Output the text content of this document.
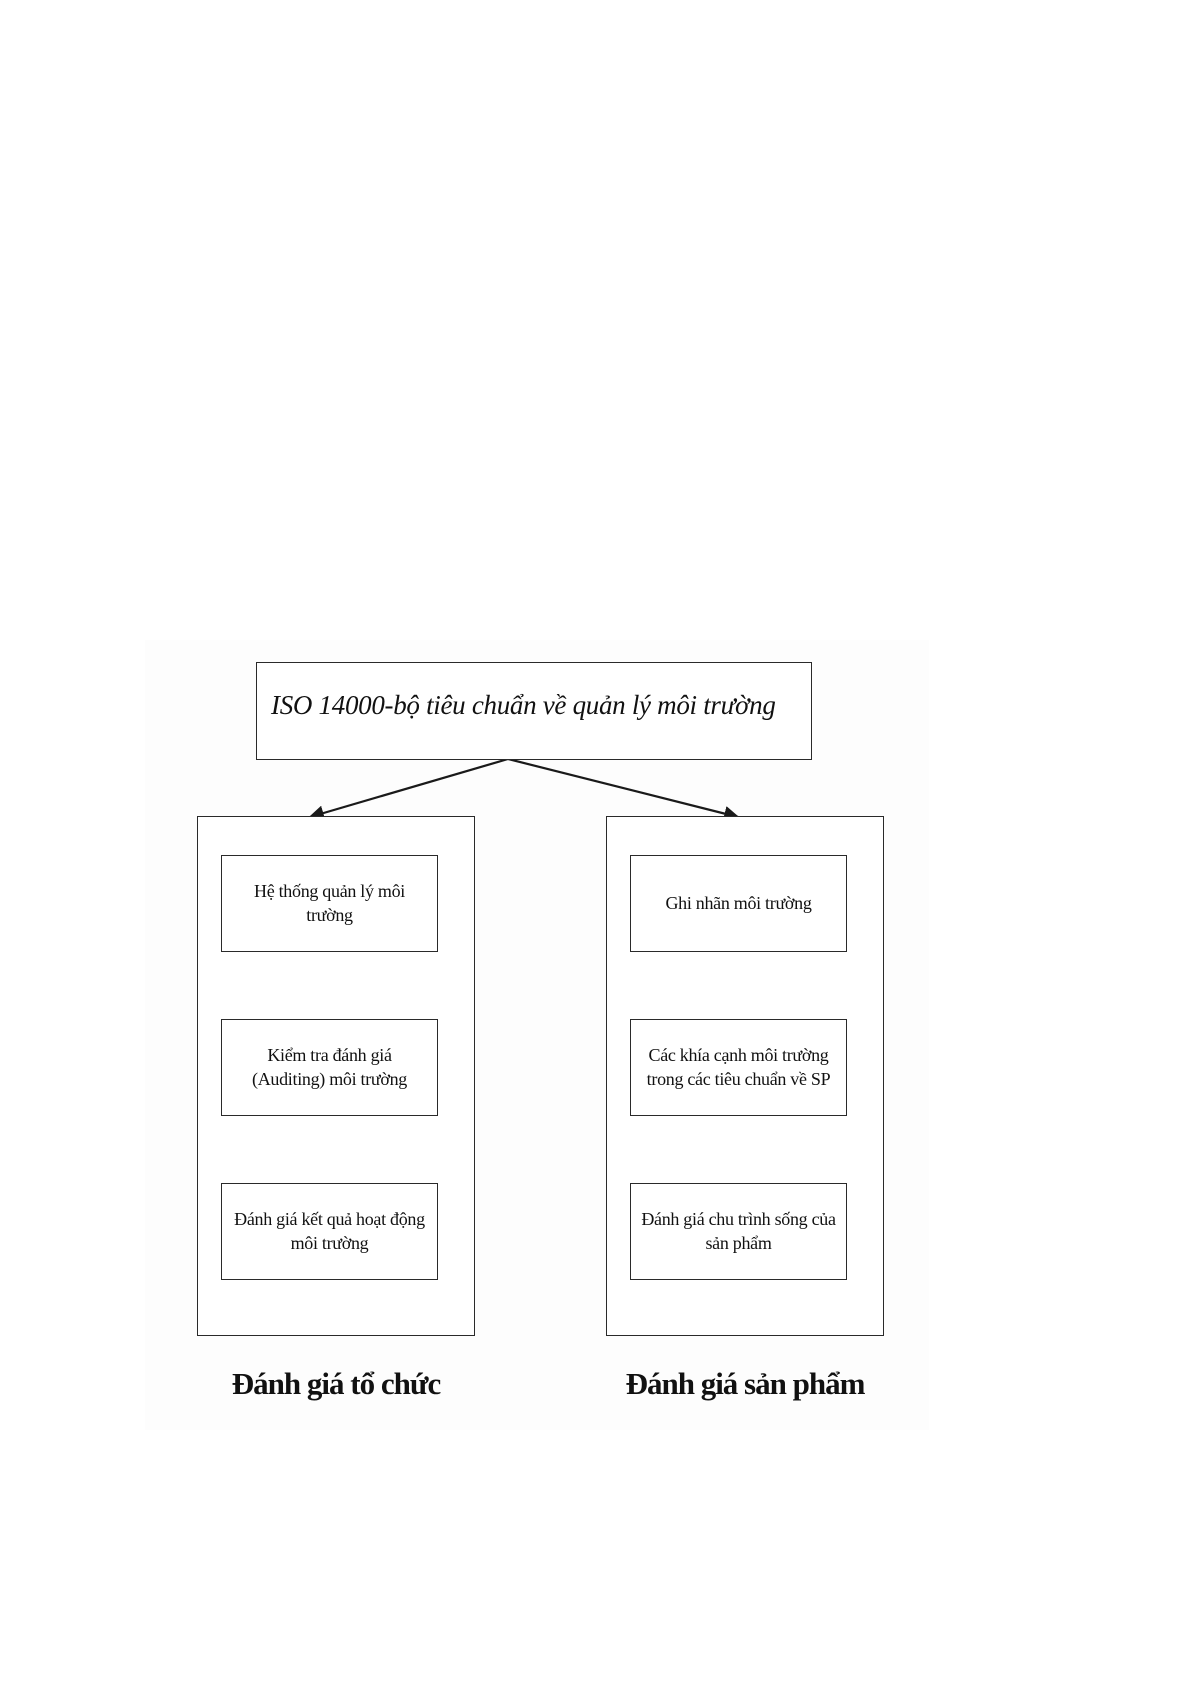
ISO 14000-bộ tiêu chuẩn về quản lý môi trường
Hệ thống quản lý môi trường
Kiểm tra đánh giá (Auditing) môi trường
Đánh giá kết quả hoạt động môi trường
Ghi nhãn môi trường
Các khía cạnh môi trường trong các tiêu chuẩn về SP
Đánh giá chu trình sống của sản phẩm
Đánh giá tổ chức	Đánh giá sản phẩm
